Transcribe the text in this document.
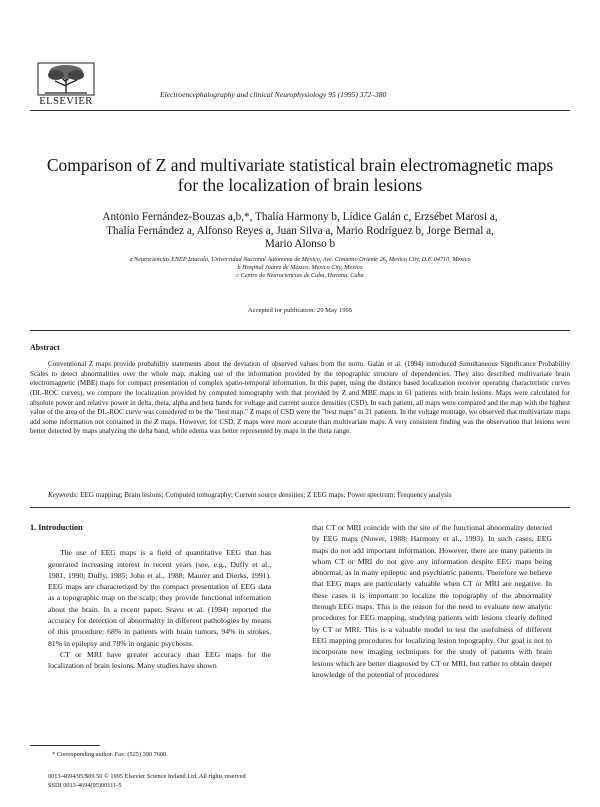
ELSEVIER
Electroencephalography and clinical Neurophysiology 95 (1995) 372–380
Comparison of Z and multivariate statistical brain electromagnetic maps
for the localization of brain lesions
Antonio Fernández-Bouzas a,b,*, Thalía Harmony b, Lídice Galán c, Erzsébet Marosi a,
Thalía Fernández a, Alfonso Reyes a, Juan Silva a, Mario Rodríguez b, Jorge Bernal a,
Mario Alonso b
a Neurociencias ENEP Iztacala, Universidad Nacional Autónoma de México, Ave. Cimiento Oriente 26, Mexico City, D.F. 04710, Mexico
b Hospital Juárez de México, Mexico City, Mexico
c Centro de Neurociencias de Cuba, Havana, Cuba
Accepted for publication: 29 May 1995
Abstract

Conventional Z maps provide probability statements about the deviation of observed values from the norm. Galán et al. (1994) introduced Simultaneous Significance Probability Scales to detect abnormalities over the whole map, making use of the information provided by the topographic structure of dependencies. They also described multivariate brain electromagnetic (MBE) maps for compact presentation of complex spatio-temporal information. In this paper, using the distance based localization receiver operating characteristic curves (DL-ROC curves), we compare the localization provided by computed tomography with that provided by Z and MBE maps in 61 patients with brain lesions. Maps were calculated for absolute power and relative power in delta, theta, alpha and beta bands for voltage and current source densities (CSD). In each patient, all maps were compared and the map with the highest value of the area of the DL-ROC curve was considered to be the "best map." Z maps of CSD were the "best maps" in 21 patients. In the voltage montage, we observed that multivariate maps add some information not contained in the Z maps. However, for CSD, Z maps were more accurate than multivariate maps. A very consistent finding was the observation that lesions were better detected by maps analyzing the delta band, while edema was better represented by maps in the theta range.

Keywords: EEG mapping; Brain lesions; Computed tomography; Current source densities; Z EEG maps; Power spectrum; Frequency analysis

1. Introduction

The use of EEG maps is a field of quantitative EEG that has generated increasing interest in recent years (see, e.g., Duffy et al., 1981, 1990; Duffy, 1985; John et al., 1988; Maurer and Dierks, 1991). EEG maps are characterized by the compact presentation of EEG data as a topographic map on the scalp; they provide functional information about the brain. In a recent paper, Sravu et al. (1994) reported the accuracy for detection of abnormality in different pathologies by means of this procedure: 68% in patients with brain tumors, 94% in strokes, 81% in epilepsy and 78% in organic psychosis.

CT or MRI have greater accuracy than EEG maps for the localization of brain lesions. Many studies have shown

that CT or MRI coincide with the site of the functional abnormality detected by EEG maps (Nuwer, 1988; Harmony et al., 1993). In such cases, EEG maps do not add important information. However, there are many patients in whom CT or MRI do not give any information despite EEG maps being abnormal, as in many epileptic and psychiatric patients. Therefore we believe that EEG maps are particularly valuable when CT or MRI are negative. In these cases it is important to localize the topography of the abnormality through EEG maps. This is the reason for the need to evaluate new analytic procedures for EEG mapping, studying patients with lesions clearly defined by CT or MRI. This is a valuable model to test the usefulness of different EEG mapping procedures for localizing lesion topography. Our goal is not to incorporate new imaging techniques for the study of patients with brain lesions which are better diagnosed by CT or MRI, but rather to obtain deeper knowledge of the potential of procedures

* Corresponding author. Fax: (525) 390 7600.
0013-4694/95/$09.50 © 1995 Elsevier Science Ireland Ltd. All rights reserved
SSDI 0013-4694(95)00111-5
